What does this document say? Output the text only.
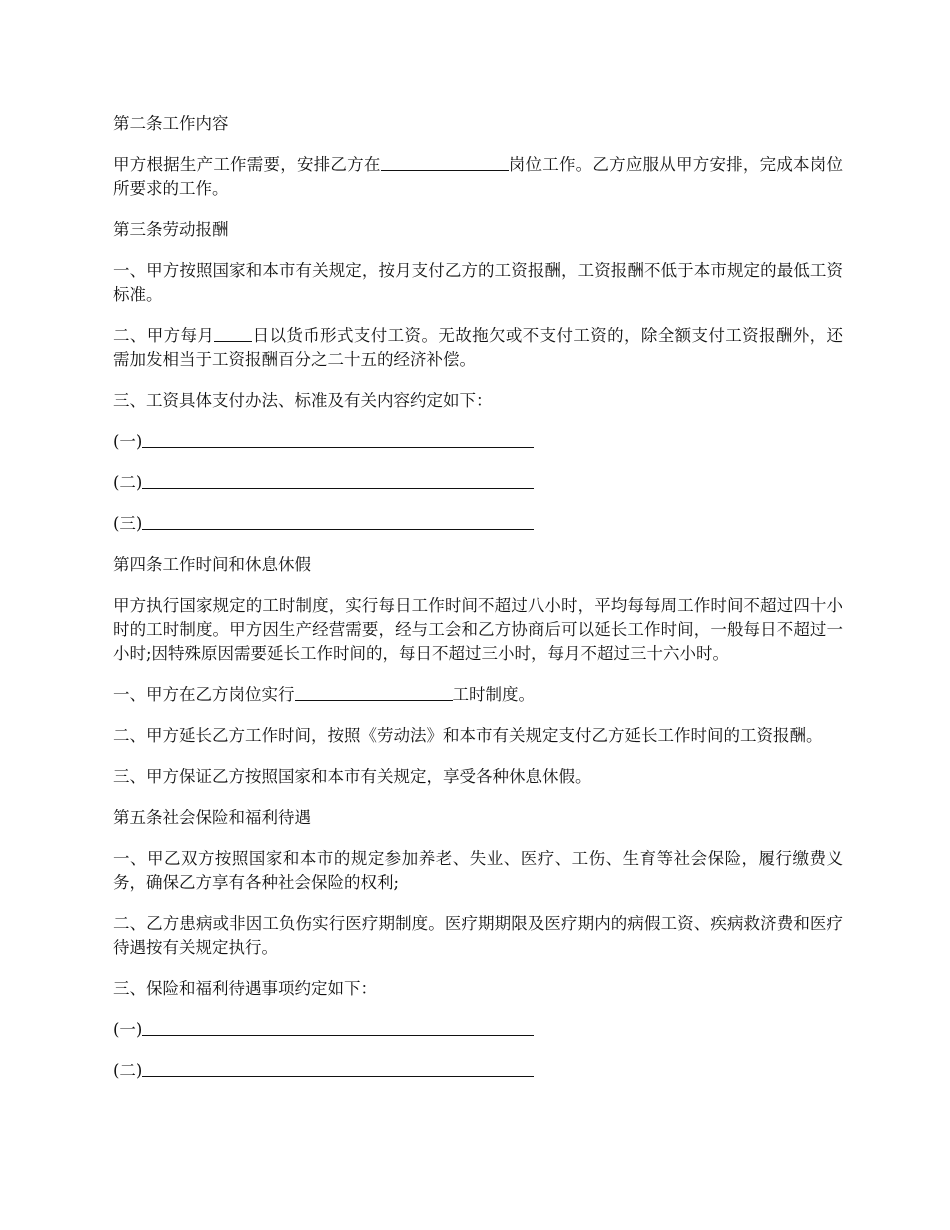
第二条工作内容

甲方根据生产工作需要，安排乙方在	岗位工作。乙方应服从甲方安排，完成本岗位所要求的工作。

第三条劳动报酬

一、甲方按照国家和本市有关规定，按月支付乙方的工资报酬，工资报酬不低于本市规定的最低工资标准。

二、甲方每月 日以货币形式支付工资。无故拖欠或不支付工资的，除全额支付工资报酬外，还需加发相当于工资报酬百分之二十五的经济补偿。

三、工资具体支付办法、标准及有关内容约定如下：

(一)

(二)

(三)

第四条工作时间和休息休假

甲方执行国家规定的工时制度，实行每日工作时间不超过八小时，平均每每周工作时间不超过四十小时的工时制度。甲方因生产经营需要，经与工会和乙方协商后可以延长工作时间，一般每日不超过一小时;因特殊原因需要延长工作时间的，每日不超过三小时，每月不超过三十六小时。

一、甲方在乙方岗位实行	工时制度。

二、甲方延长乙方工作时间，按照《劳动法》和本市有关规定支付乙方延长工作时间的工资报酬。

三、甲方保证乙方按照国家和本市有关规定，享受各种休息休假。

第五条社会保险和福利待遇

一、甲乙双方按照国家和本市的规定参加养老、失业、医疗、工伤、生育等社会保险，履行缴费义务，确保乙方享有各种社会保险的权利;

二、乙方患病或非因工负伤实行医疗期制度。医疗期期限及医疗期内的病假工资、疾病救济费和医疗待遇按有关规定执行。

三、保险和福利待遇事项约定如下：

(一)

(二)
